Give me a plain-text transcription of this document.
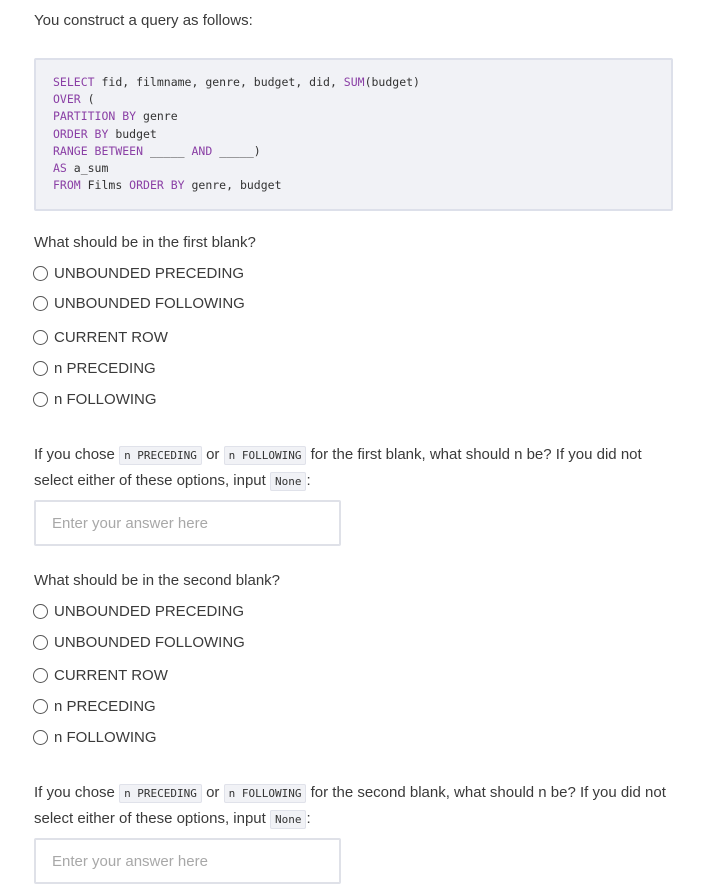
You construct a query as follows:
SELECT fid, filmname, genre, budget, did, SUM(budget)
OVER (
PARTITION BY genre
ORDER BY budget
RANGE BETWEEN _____ AND _____)
AS a_sum
FROM Films ORDER BY genre, budget
What should be in the first blank?
UNBOUNDED PRECEDING
UNBOUNDED FOLLOWING
CURRENT ROW
n PRECEDING
n FOLLOWING
If you chose n PRECEDING or n FOLLOWING for the first blank, what should n be? If you did not select either of these options, input None :
Enter your answer here
What should be in the second blank?
UNBOUNDED PRECEDING
UNBOUNDED FOLLOWING
CURRENT ROW
n PRECEDING
n FOLLOWING
If you chose n PRECEDING or n FOLLOWING for the second blank, what should n be? If you did not select either of these options, input None :
Enter your answer here
